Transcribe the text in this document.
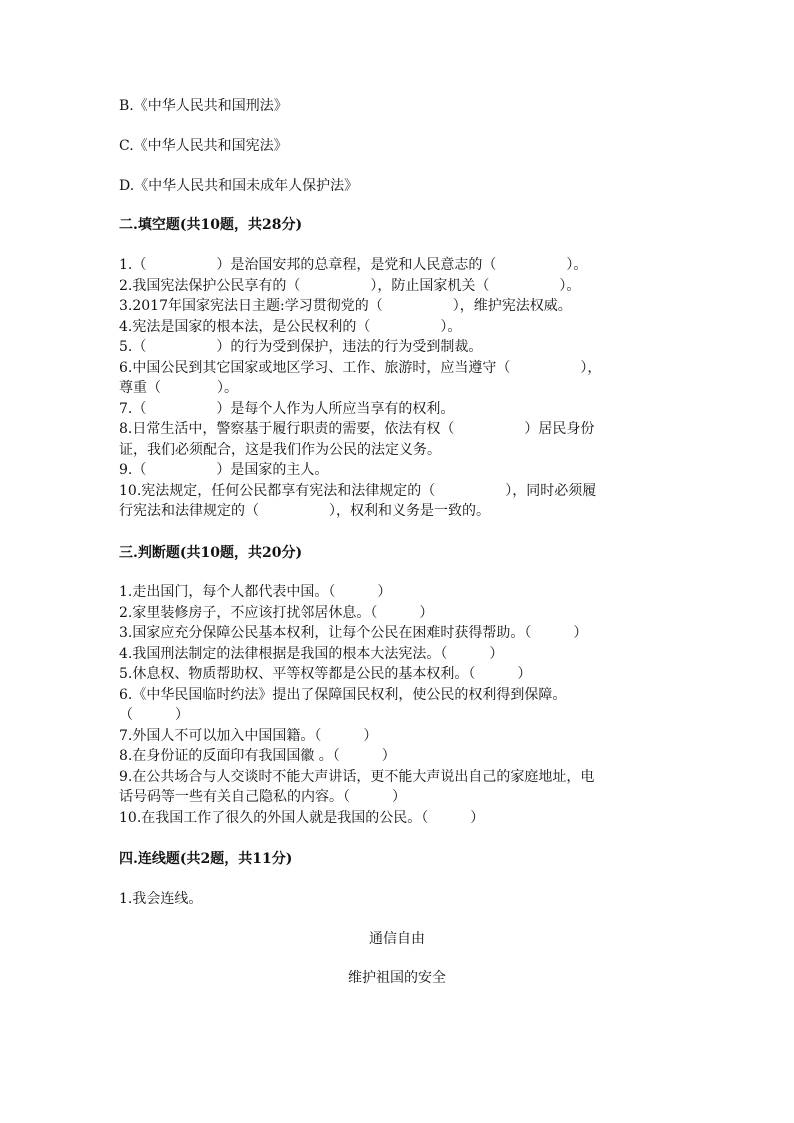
B.《中华人民共和国刑法》

C.《中华人民共和国宪法》

D.《中华人民共和国未成年人保护法》

二.填空题(共10题，共28分)

1.（　　　　　）是治国安邦的总章程，是党和人民意志的（　　　　　）。
2.我国宪法保护公民享有的（　　　　　），防止国家机关（　　　　　）。
3.2017年国家宪法日主题:学习贯彻党的（　　　　　），维护宪法权威。
4.宪法是国家的根本法，是公民权利的（　　　　　）。
5.（　　　　　）的行为受到保护，违法的行为受到制裁。
6.中国公民到其它国家或地区学习、工作、旅游时，应当遵守（　　　　　），
尊重（　　　　）。
7.（　　　　　）是每个人作为人所应当享有的权利。
8.日常生活中，警察基于履行职责的需要，依法有权（　　　　　）居民身份
证，我们必须配合，这是我们作为公民的法定义务。
9.（　　　　　）是国家的主人。
10.宪法规定，任何公民都享有宪法和法律规定的（　　　　　），同时必须履
行宪法和法律规定的（　　　　　），权利和义务是一致的。

三.判断题(共10题，共20分)

1.走出国门，每个人都代表中国。（　　　）
2.家里装修房子，不应该打扰邻居休息。（　　　）
3.国家应充分保障公民基本权利，让每个公民在困难时获得帮助。（　　　）
4.我国刑法制定的法律根据是我国的根本大法宪法。（　　　）
5.休息权、物质帮助权、平等权等都是公民的基本权利。（　　　）
6.《中华民国临时约法》提出了保障国民权利，使公民的权利得到保障。
（　　　）
7.外国人不可以加入中国国籍。（　　　）
8.在身份证的反面印有我国国徽 。（　　　）
9.在公共场合与人交谈时不能大声讲话，更不能大声说出自己的家庭地址，电
话号码等一些有关自己隐私的内容。（　　　）
10.在我国工作了很久的外国人就是我国的公民。（　　　）

四.连线题(共2题，共11分)

1.我会连线。

通信自由
维护祖国的安全
